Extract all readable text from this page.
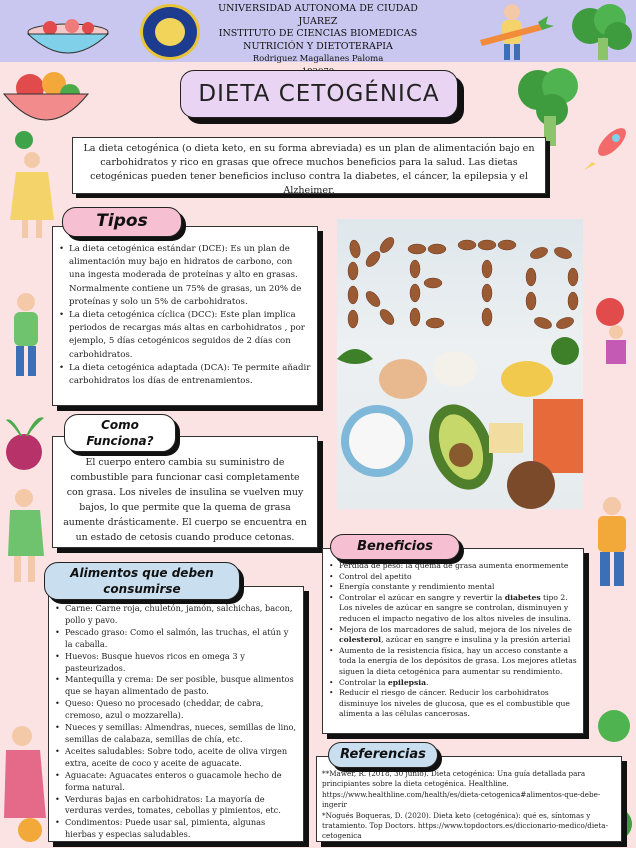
UNIVERSIDAD AUTONOMA DE CIUDAD JUAREZ
INSTITUTO DE CIENCIAS BIOMEDICAS
NUTRICIÓN Y DIETOTERAPIA
Rodriguez Magallanes Paloma
DIETA CETOGÉNICA
La dieta cetogénica (o dieta keto, en su forma abreviada) es un plan de alimentación bajo en carbohidratos y rico en grasas que ofrece muchos beneficios para la salud. Las dietas cetogénicas pueden tener beneficios incluso contra la diabetes, el cáncer, la epilepsia y el Alzheimer.
• La dieta cetogénica estándar (DCE): Es un plan de alimentación muy bajo en hidratos de carbono, con una ingesta moderada de proteínas y alto en grasas. Normalmente contiene un 75% de grasas, un 20% de proteínas y solo un 5% de carbohidratos.
• La dieta cetogénica cíclica (DCC): Este plan implica periodos de recargas más altas en carbohidratos , por ejemplo, 5 días cetogénicos seguidos de 2 días con carbohidratos.
• La dieta cetogénica adaptada (DCA): Te permite añadir carbohidratos los días de entrenamientos.
Tipos
El cuerpo entero cambia su suministro de combustible para funcionar casi completamente con grasa. Los niveles de insulina se vuelven muy bajos, lo que permite que la quema de grasa aumente drásticamente. El cuerpo se encuentra en un estado de cetosis cuando produce cetonas.
Como
Funciona?
• Carne: Carne roja, chuletón, jamón, salchichas, bacon, pollo y pavo.
• Pescado graso: Como el salmón, las truchas, el atún y la caballa.
• Huevos: Busque huevos ricos en omega 3 y pasteurizados.
• Mantequilla y crema: De ser posible, busque alimentos que se hayan alimentado de pasto.
• Queso: Queso no procesado (cheddar, de cabra, cremoso, azul o mozzarella).
• Nueces y semillas: Almendras, nueces, semillas de lino, semillas de calabaza, semillas de chía, etc.
• Aceites saludables: Sobre todo, aceite de oliva virgen extra, aceite de coco y aceite de aguacate.
• Aguacate: Aguacates enteros o guacamole hecho de forma natural.
• Verduras bajas en carbohidratos: La mayoría de verduras verdes, tomates, cebollas y pimientos, etc.
• Condimentos: Puede usar sal, pimienta, algunas hierbas y especias saludables.
Alimentos que deben
consumirse
• Pérdida de peso: la quema de grasa aumenta enormemente
• Control del apetito
• Energía constante y rendimiento mental
• Controlar el azúcar en sangre y revertir la diabetes tipo 2. Los niveles de azúcar en sangre se controlan, disminuyen y reducen el impacto negativo de los altos niveles de insulina.
• Mejora de los marcadores de salud, mejora de los niveles de colesterol, azúcar en sangre e insulina y la presión arterial
• Aumento de la resistencia física, hay un acceso constante a toda la energía de los depósitos de grasa. Los mejores atletas siguen la dieta cetogénica para aumentar su rendimiento.
• Controlar la epilepsia.
• Reducir el riesgo de cáncer. Reducir los carbohidratos disminuye los niveles de glucosa, que es el combustible que alimenta a las células cancerosas.
Beneficios
**Mawer, R. (2018, 30 junio). Dieta cetogénica: Una guía detallada para principiantes sobre la dieta cetogénica. Healthline. https://www.healthline.com/health/es/dieta-cetogenica#alimentos-que-debe-ingerir
*Nogués Boqueras, D. (2020). Dieta keto (cetogénica): qué es, síntomas y tratamiento. Top Doctors. https://www.topdoctors.es/diccionario-medico/dieta-cetogenica
Referencias
